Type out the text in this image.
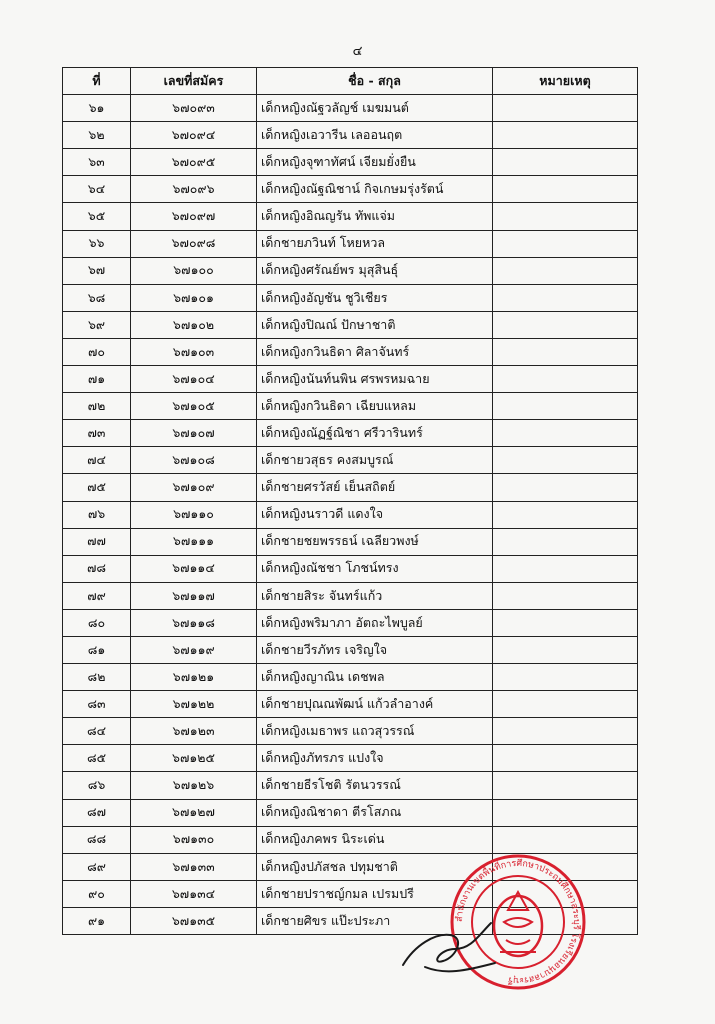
๔
ที่	เลขที่สมัคร	ชื่อ - สกุล	หมายเหตุ
๖๑	๖๗๐๙๓	เด็กหญิงณัฐวลัญช์ เมฆมนต์	
๖๒	๖๗๐๙๔	เด็กหญิงเอวารีน เลออนฤต	
๖๓	๖๗๐๙๕	เด็กหญิงจุฑาทัศน์ เจียมยั่งยืน	
๖๔	๖๗๐๙๖	เด็กหญิงณัฐณิชาน์ กิจเกษมรุ่งรัตน์	
๖๕	๖๗๐๙๗	เด็กหญิงอิณญรัน ทัพแจ่ม	
๖๖	๖๗๐๙๘	เด็กชายภวินท์ โหยหวล	
๖๗	๖๗๑๐๐	เด็กหญิงศรัณย์พร มุสุสินธุ์	
๖๘	๖๗๑๐๑	เด็กหญิงอัญชัน ชูวิเชียร	
๖๙	๖๗๑๐๒	เด็กหญิงปิณณ์ ปักษาชาติ	
๗๐	๖๗๑๐๓	เด็กหญิงกวินธิดา ศิลาจันทร์	
๗๑	๖๗๑๐๔	เด็กหญิงนันท์นพิน ศรพรหมฉาย	
๗๒	๖๗๑๐๕	เด็กหญิงกวินธิดา เฉียบแหลม	
๗๓	๖๗๑๐๗	เด็กหญิงณัฏฐ์ณิชา ศรีวารินทร์	
๗๔	๖๗๑๐๘	เด็กชายวสุธร คงสมบูรณ์	
๗๕	๖๗๑๐๙	เด็กชายศรวัสย์ เย็นสถิตย์	
๗๖	๖๗๑๑๐	เด็กหญิงนราวดี แดงใจ	
๗๗	๖๗๑๑๑	เด็กชายชยพรรธน์ เฉลียวพงษ์	
๗๘	๖๗๑๑๔	เด็กหญิงณัชชา โภชน์ทรง	
๗๙	๖๗๑๑๗	เด็กชายสิระ จันทร์แก้ว	
๘๐	๖๗๑๑๘	เด็กหญิงพริมาภา อัตถะไพบูลย์	
๘๑	๖๗๑๑๙	เด็กชายวีรภัทร เจริญใจ	
๘๒	๖๗๑๒๑	เด็กหญิงญาณิน เดชพล	
๘๓	๖๗๑๒๒	เด็กชายปุณณพัฒน์ แก้วลำอางค์	
๘๔	๖๗๑๒๓	เด็กหญิงเมธาพร แถวสุวรรณ์	
๘๕	๖๗๑๒๕	เด็กหญิงภัทรภร แปงใจ	
๘๖	๖๗๑๒๖	เด็กชายธีรโชติ รัตนวรรณ์	
๘๗	๖๗๑๒๗	เด็กหญิงณิชาดา ตีรโสภณ	
๘๘	๖๗๑๓๐	เด็กหญิงภคพร นิระเด่น	
๘๙	๖๗๑๓๓	เด็กหญิงปภัสชล ปทุมชาติ	
๙๐	๖๗๑๓๔	เด็กชายปราชญ์กมล เปรมปรี	
๙๑	๖๗๑๓๕	เด็กชายศิขร แป๊ะประภา		สำนักงานเขตพื้นที่การศึกษาประถมศึกษาสระบุรี โรงเรียนอนุบาลสระบุรี
